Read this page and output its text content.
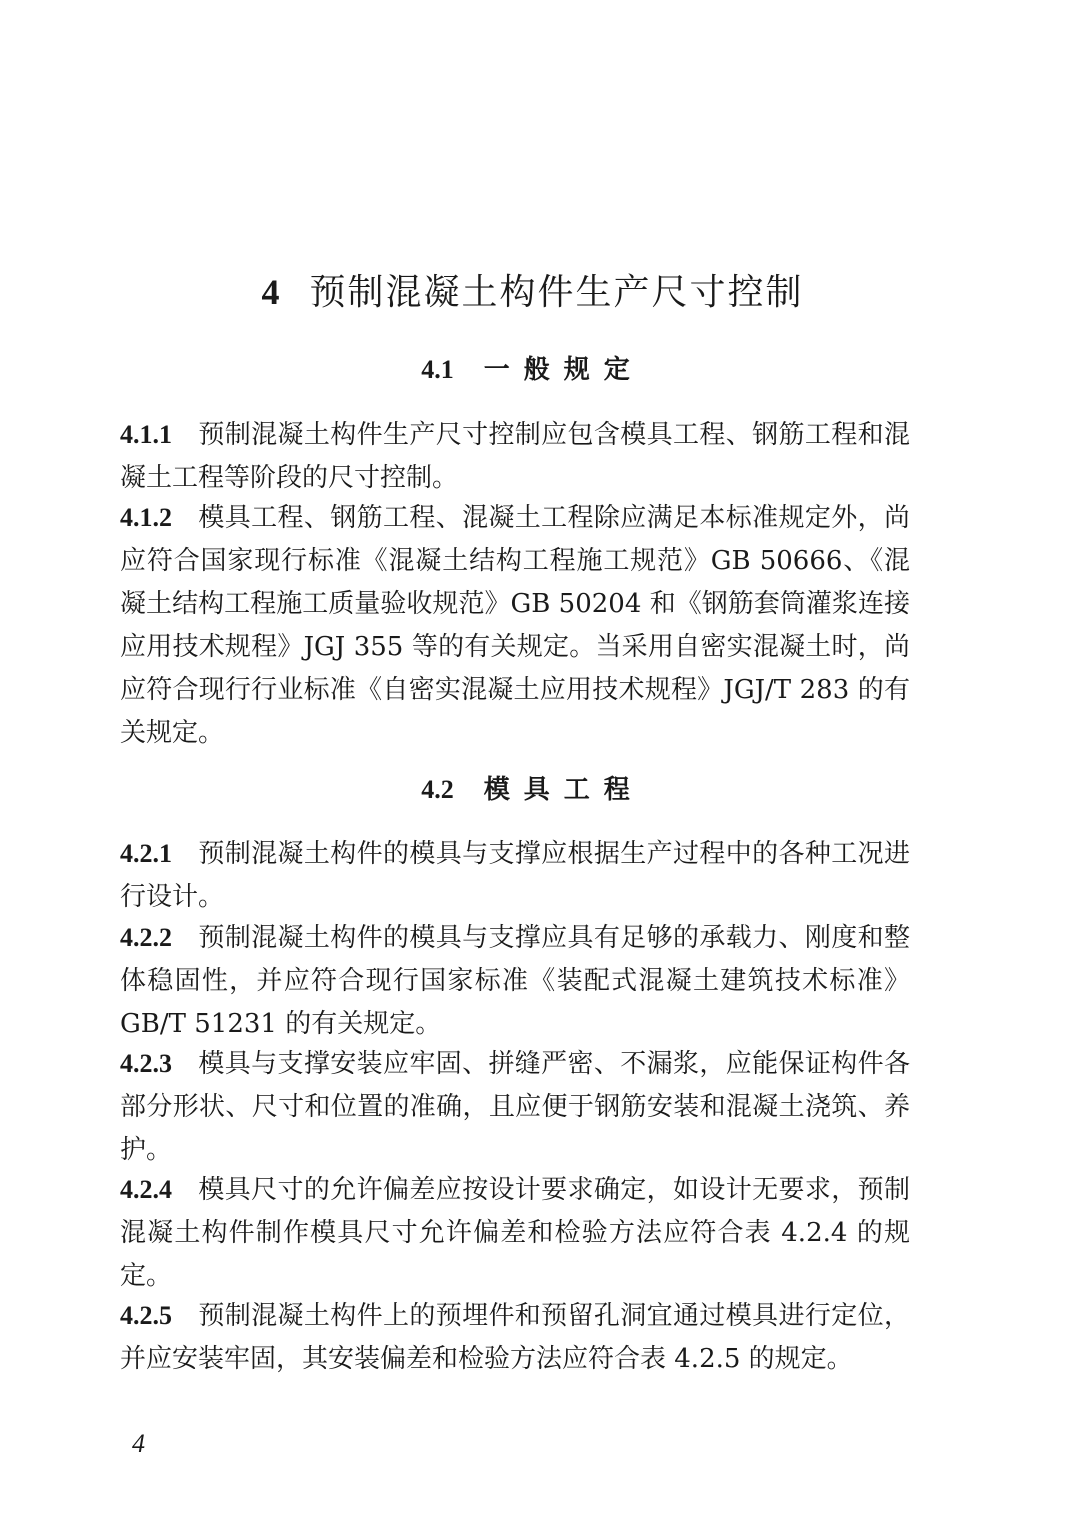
4 预制混凝土构件生产尺寸控制
4.1 一般规定
4.1.1 预制混凝土构件生产尺寸控制应包含模具工程、钢筋工程和混凝土工程等阶段的尺寸控制。
4.1.2 模具工程、钢筋工程、混凝土工程除应满足本标准规定外，尚应符合国家现行标准《混凝土结构工程施工规范》GB 50666、《混凝土结构工程施工质量验收规范》GB 50204 和《钢筋套筒灌浆连接应用技术规程》JGJ 355 等的有关规定。当采用自密实混凝土时，尚应符合现行行业标准《自密实混凝土应用技术规程》JGJ/T 283 的有关规定。
4.2 模具工程
4.2.1 预制混凝土构件的模具与支撑应根据生产过程中的各种工况进行设计。
4.2.2 预制混凝土构件的模具与支撑应具有足够的承载力、刚度和整体稳固性，并应符合现行国家标准《装配式混凝土建筑技术标准》GB/T 51231 的有关规定。
4.2.3 模具与支撑安装应牢固、拼缝严密、不漏浆，应能保证构件各部分形状、尺寸和位置的准确，且应便于钢筋安装和混凝土浇筑、养护。
4.2.4 模具尺寸的允许偏差应按设计要求确定，如设计无要求，预制混凝土构件制作模具尺寸允许偏差和检验方法应符合表 4.2.4 的规定。
4.2.5 预制混凝土构件上的预埋件和预留孔洞宜通过模具进行定位，并应安装牢固，其安装偏差和检验方法应符合表 4.2.5 的规定。
4
